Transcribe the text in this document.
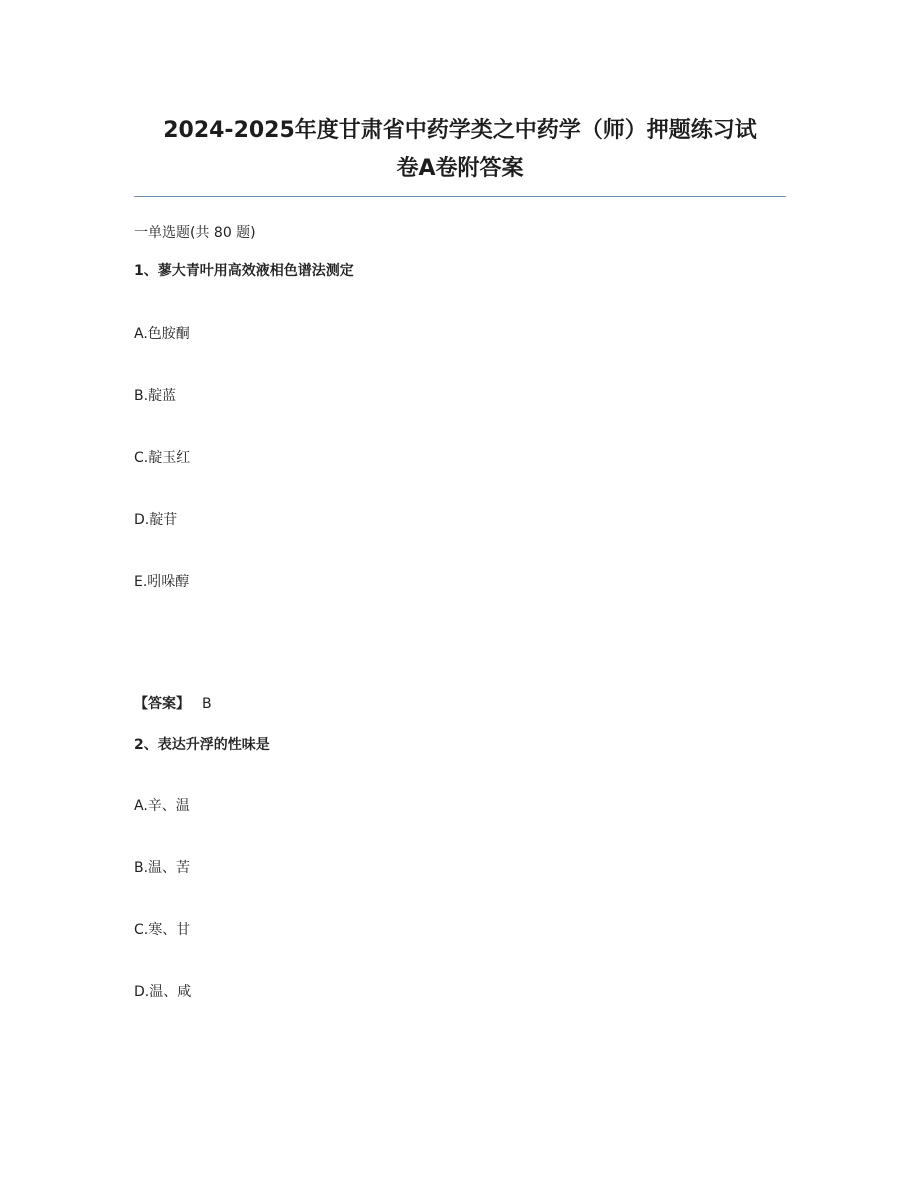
2024-2025年度甘肃省中药学类之中药学（师）押题练习试
卷A卷附答案
一单选题(共 80 题)
1、蓼大青叶用高效液相色谱法测定
A.色胺酮
B.靛蓝
C.靛玉红
D.靛苷
E.吲哚醇
【答案】 B
2、表达升浮的性味是
A.辛、温
B.温、苦
C.寒、甘
D.温、咸
